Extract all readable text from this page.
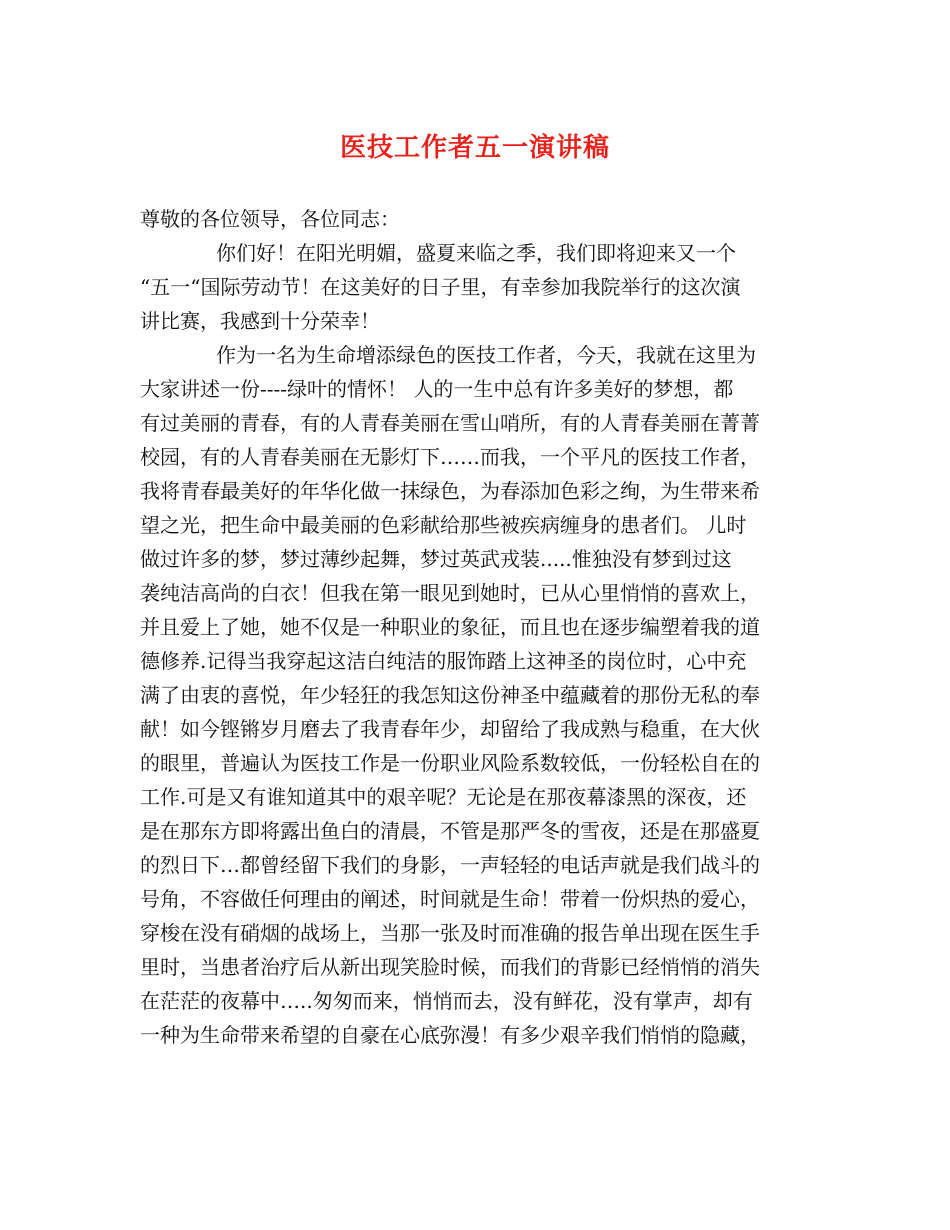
医技工作者五一演讲稿
尊敬的各位领导，各位同志：
你们好！在阳光明媚，盛夏来临之季，我们即将迎来又一个
“五一“国际劳动节！在这美好的日子里，有幸参加我院举行的这次演
讲比赛，我感到十分荣幸！
作为一名为生命增添绿色的医技工作者，今天，我就在这里为
大家讲述一份----绿叶的情怀！ 人的一生中总有许多美好的梦想，都
有过美丽的青春，有的人青春美丽在雪山哨所，有的人青春美丽在菁菁
校园，有的人青春美丽在无影灯下……而我，一个平凡的医技工作者，
我将青春最美好的年华化做一抹绿色，为春添加色彩之绚，为生带来希
望之光，把生命中最美丽的色彩献给那些被疾病缠身的患者们。 儿时
做过许多的梦，梦过薄纱起舞，梦过英武戎装.....惟独没有梦到过这
袭纯洁高尚的白衣！但我在第一眼见到她时，已从心里悄悄的喜欢上，
并且爱上了她，她不仅是一种职业的象征，而且也在逐步编塑着我的道
德修养.记得当我穿起这洁白纯洁的服饰踏上这神圣的岗位时，心中充
满了由衷的喜悦，年少轻狂的我怎知这份神圣中蕴藏着的那份无私的奉
献！如今铿锵岁月磨去了我青春年少，却留给了我成熟与稳重，在大伙
的眼里，普遍认为医技工作是一份职业风险系数较低，一份轻松自在的
工作.可是又有谁知道其中的艰辛呢？无论是在那夜幕漆黑的深夜，还
是在那东方即将露出鱼白的清晨，不管是那严冬的雪夜，还是在那盛夏
的烈日下…都曾经留下我们的身影，一声轻轻的电话声就是我们战斗的
号角，不容做任何理由的阐述，时间就是生命！带着一份炽热的爱心，
穿梭在没有硝烟的战场上，当那一张及时而准确的报告单出现在医生手
里时，当患者治疗后从新出现笑脸时候，而我们的背影已经悄悄的消失
在茫茫的夜幕中…..匆匆而来，悄悄而去，没有鲜花，没有掌声，却有
一种为生命带来希望的自豪在心底弥漫！有多少艰辛我们悄悄的隐藏，
